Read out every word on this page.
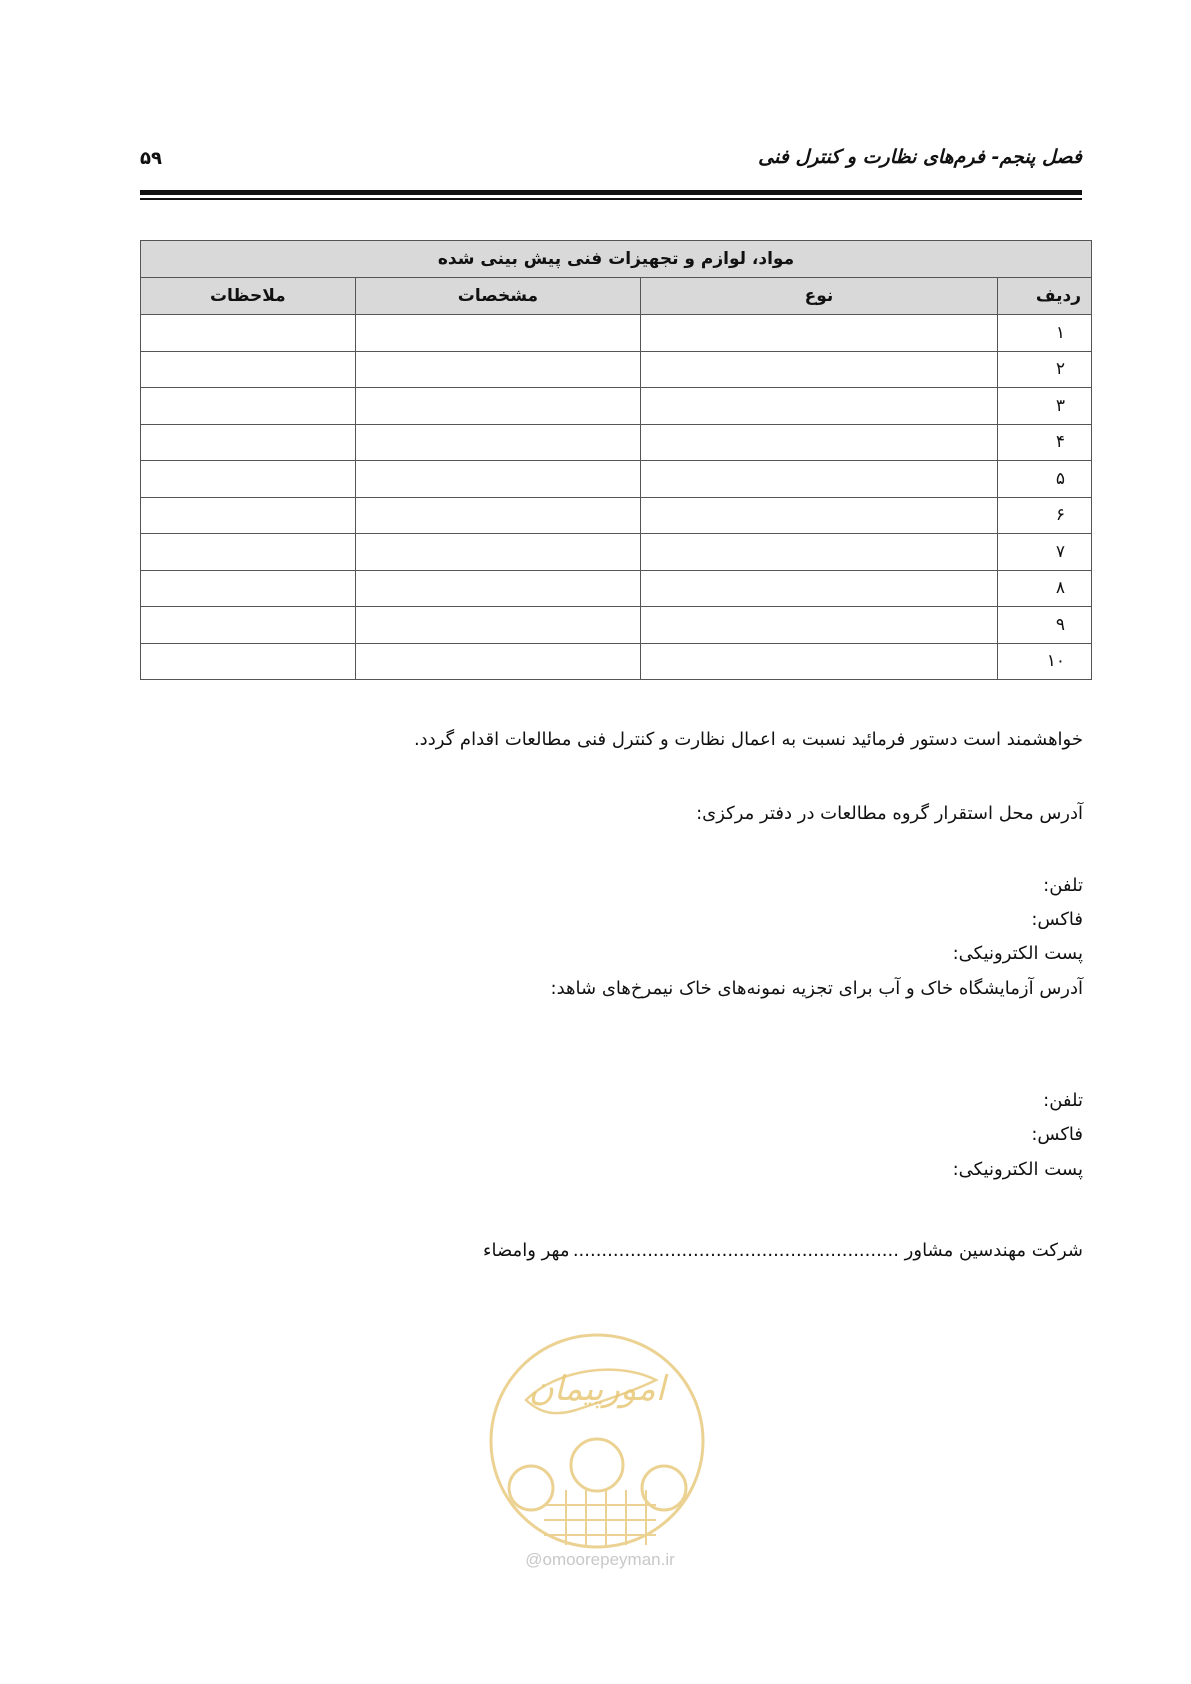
فصل پنجم- فرم‌های نظارت و کنترل فنی
۵۹
مواد، لوازم و تجهیزات فنی پیش بینی شده			
ردیف	نوع	مشخصات	ملاحظات
۱			
۲			
۳			
۴			
۵			
۶			
۷			
۸			
۹			
۱۰			
خواهشمند است دستور فرمائید نسبت به اعمال نظارت و کنترل فنی مطالعات اقدام گردد.
آدرس محل استقرار گروه مطالعات در دفتر مرکزی:
تلفن:
فاکس:
پست الکترونیکی:
آدرس آزمایشگاه خاک و آب برای تجزیه نمونه‌های خاک نیمرخ‌های شاهد:
تلفن:
فاکس:
پست الکترونیکی:
شرکت مهندسین مشاور .........................................................
مهر وامضاء
امورپیمان
@omoorepeyman.ir
